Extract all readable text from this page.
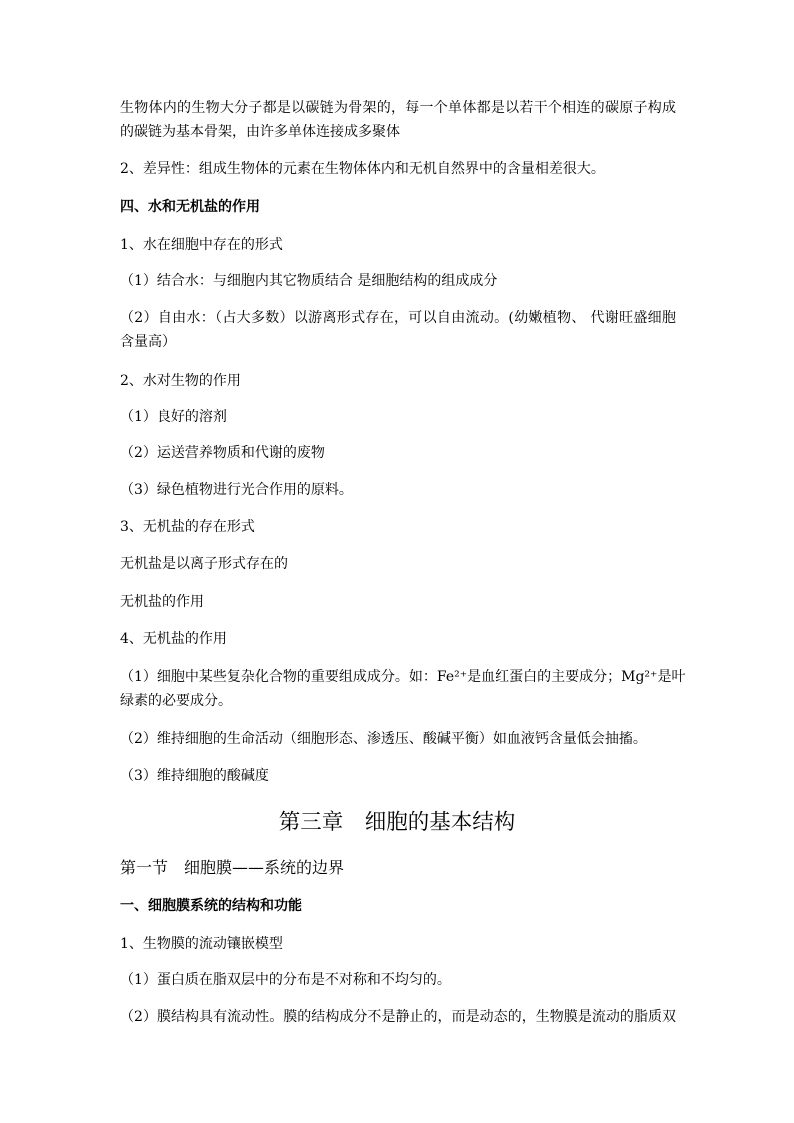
生物体内的生物大分子都是以碳链为骨架的，每一个单体都是以若干个相连的碳原子构成
的碳链为基本骨架，由许多单体连接成多聚体
2、差异性：组成生物体的元素在生物体体内和无机自然界中的含量相差很大。
四、水和无机盐的作用
1、水在细胞中存在的形式
（1）结合水：与细胞内其它物质结合 是细胞结构的组成成分
（2）自由水：（占大多数）以游离形式存在，可以自由流动。(幼嫩植物、 代谢旺盛细胞
含量高）
2、水对生物的作用
（1）良好的溶剂
（2）运送营养物质和代谢的废物
（3）绿色植物进行光合作用的原料。
3、无机盐的存在形式
无机盐是以离子形式存在的
无机盐的作用
4、无机盐的作用
（1）细胞中某些复杂化合物的重要组成成分。如：Fe²⁺是血红蛋白的主要成分；Mg²⁺是叶
绿素的必要成分。
（2）维持细胞的生命活动（细胞形态、渗透压、酸碱平衡）如血液钙含量低会抽搐。
（3）维持细胞的酸碱度
第三章　细胞的基本结构
第一节　细胞膜——系统的边界
一、细胞膜系统的结构和功能
1、生物膜的流动镶嵌模型
（1）蛋白质在脂双层中的分布是不对称和不均匀的。
（2）膜结构具有流动性。膜的结构成分不是静止的，而是动态的，生物膜是流动的脂质双
